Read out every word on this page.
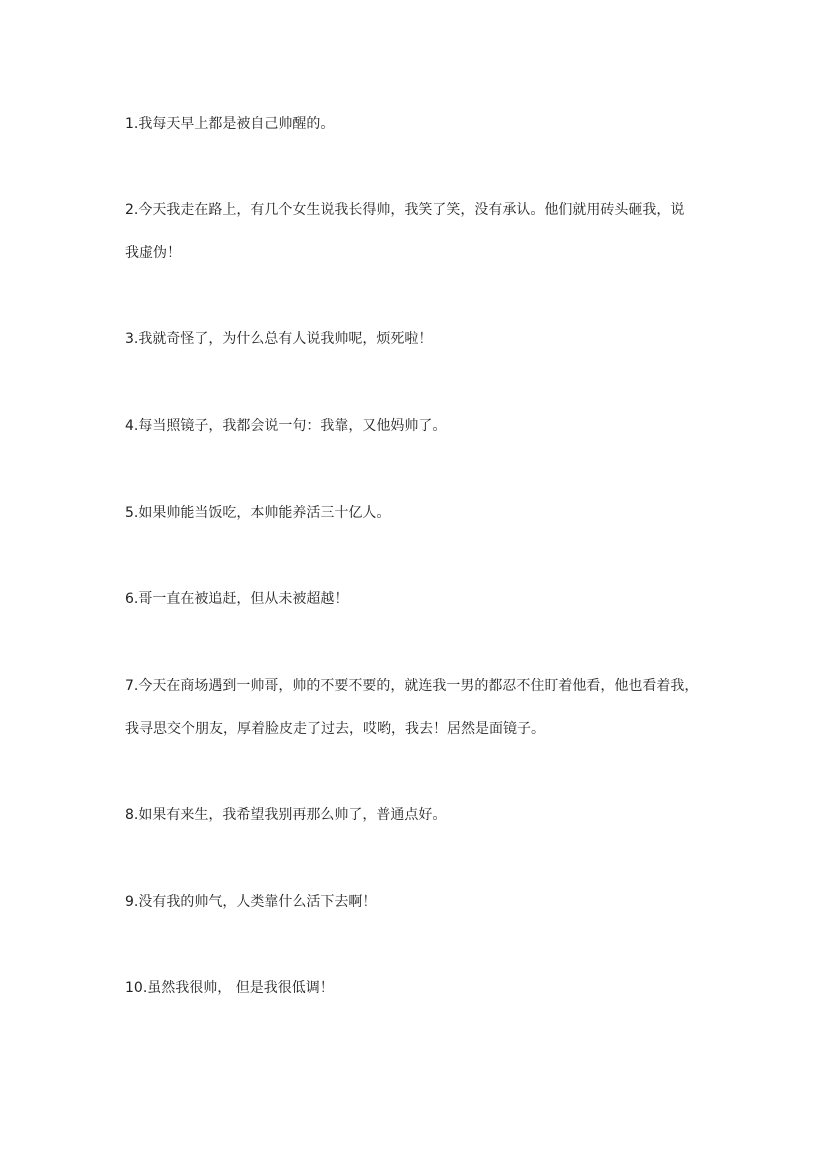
1.我每天早上都是被自己帅醒的。
2.今天我走在路上，有几个女生说我长得帅，我笑了笑，没有承认。他们就用砖头砸我，说
我虚伪！
3.我就奇怪了，为什么总有人说我帅呢，烦死啦！
4.每当照镜子，我都会说一句：我靠，又他妈帅了。
5.如果帅能当饭吃，本帅能养活三十亿人。
6.哥一直在被追赶，但从未被超越！
7.今天在商场遇到一帅哥，帅的不要不要的，就连我一男的都忍不住盯着他看，他也看着我，
我寻思交个朋友，厚着脸皮走了过去，哎哟，我去！居然是面镜子。
8.如果有来生，我希望我别再那么帅了，普通点好。
9.没有我的帅气，人类靠什么活下去啊！
10.虽然我很帅， 但是我很低调！
